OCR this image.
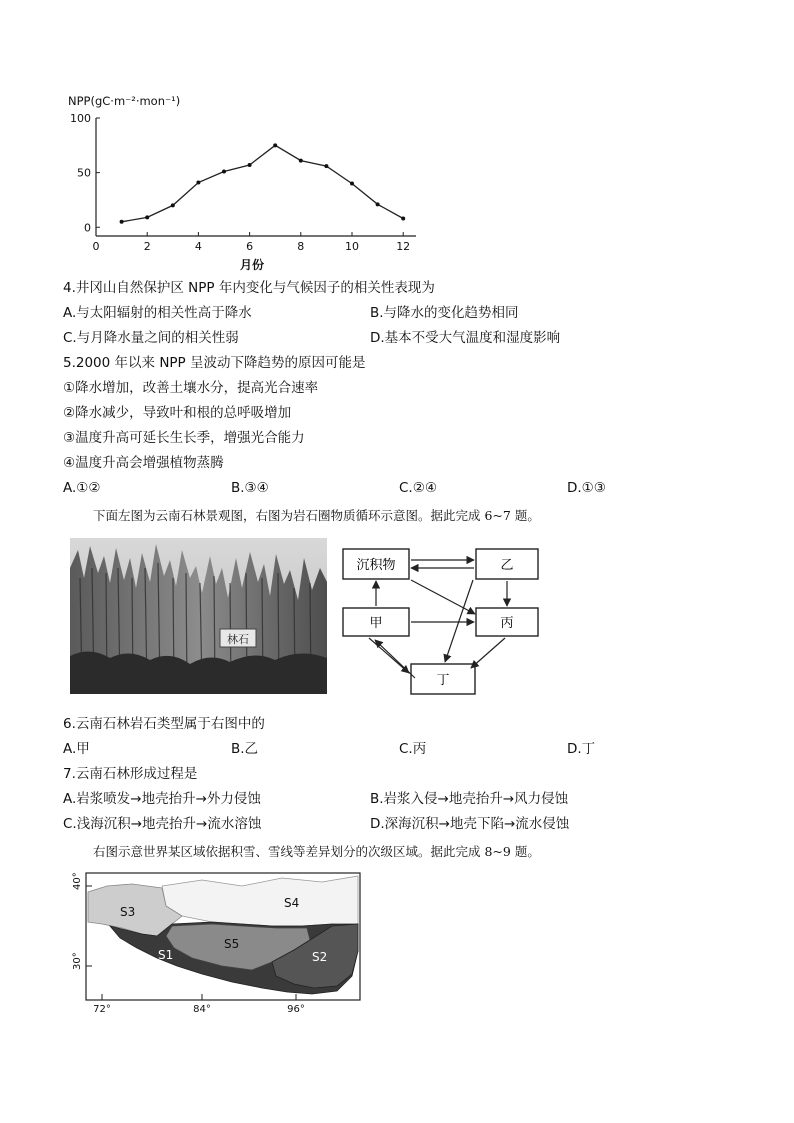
NPP(gC·m⁻²·mon⁻¹)
0
50
100
0	2	4	6	8	10	12
月份
4.井冈山自然保护区 NPP 年内变化与气候因子的相关性表现为
A.与太阳辐射的相关性高于降水	B.与降水的变化趋势相同
C.与月降水量之间的相关性弱	D.基本不受大气温度和湿度影响
5.2000 年以来 NPP 呈波动下降趋势的原因可能是
①降水增加，改善土壤水分，提高光合速率
②降水减少，导致叶和根的总呼吸增加
③温度升高可延长生长季，增强光合能力
④温度升高会增强植物蒸腾
A.①②	B.③④	C.②④	D.①③
下面左图为云南石林景观图，右图为岩石圈物质循环示意图。据此完成 6~7 题。
林石
沉积物	乙
甲	丙
丁
6.云南石林岩石类型属于右图中的
A.甲	B.乙	C.丙	D.丁
7.云南石林形成过程是
A.岩浆喷发→地壳抬升→外力侵蚀	B.岩浆入侵→地壳抬升→风力侵蚀
C.浅海沉积→地壳抬升→流水溶蚀	D.深海沉积→地壳下陷→流水侵蚀
右图示意世界某区域依据积雪、雪线等差异划分的次级区域。据此完成 8~9 题。
S3
S4
S5
S1	S2
40°
30°
72°	84°	96°
